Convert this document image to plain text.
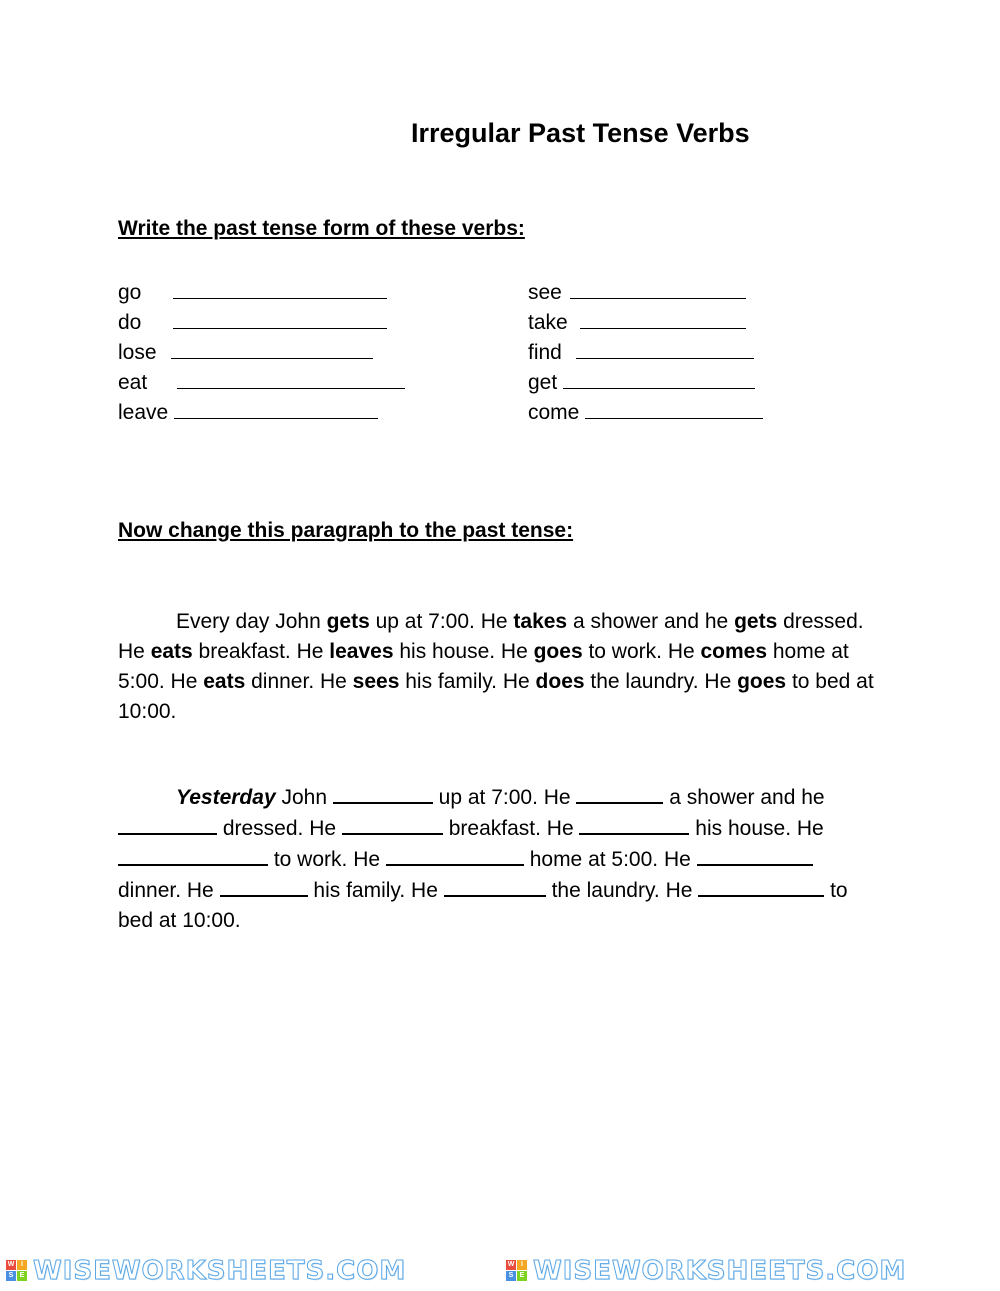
Irregular Past Tense Verbs
Write the past tense form of these verbs:
go
do
lose
eat
leave
see
take
find
get
come
Now change this paragraph to the past tense:
Every day John gets up at 7:00. He takes a shower and he gets dressed. He eats breakfast. He leaves his house. He goes to work. He comes home at 5:00. He eats dinner. He sees his family. He does the laundry. He goes to bed at 10:00.
Yesterday John	up at 7:00. He	a shower and he  dressed. He	breakfast. He	his house. He  to work. He	home at 5:00. He  dinner. He	his family. He	the laundry. He	to bed at 10:00.
W I
S E WISEWORKSHEETS.COM	W I
S E WISEWORKSHEETS.COM
